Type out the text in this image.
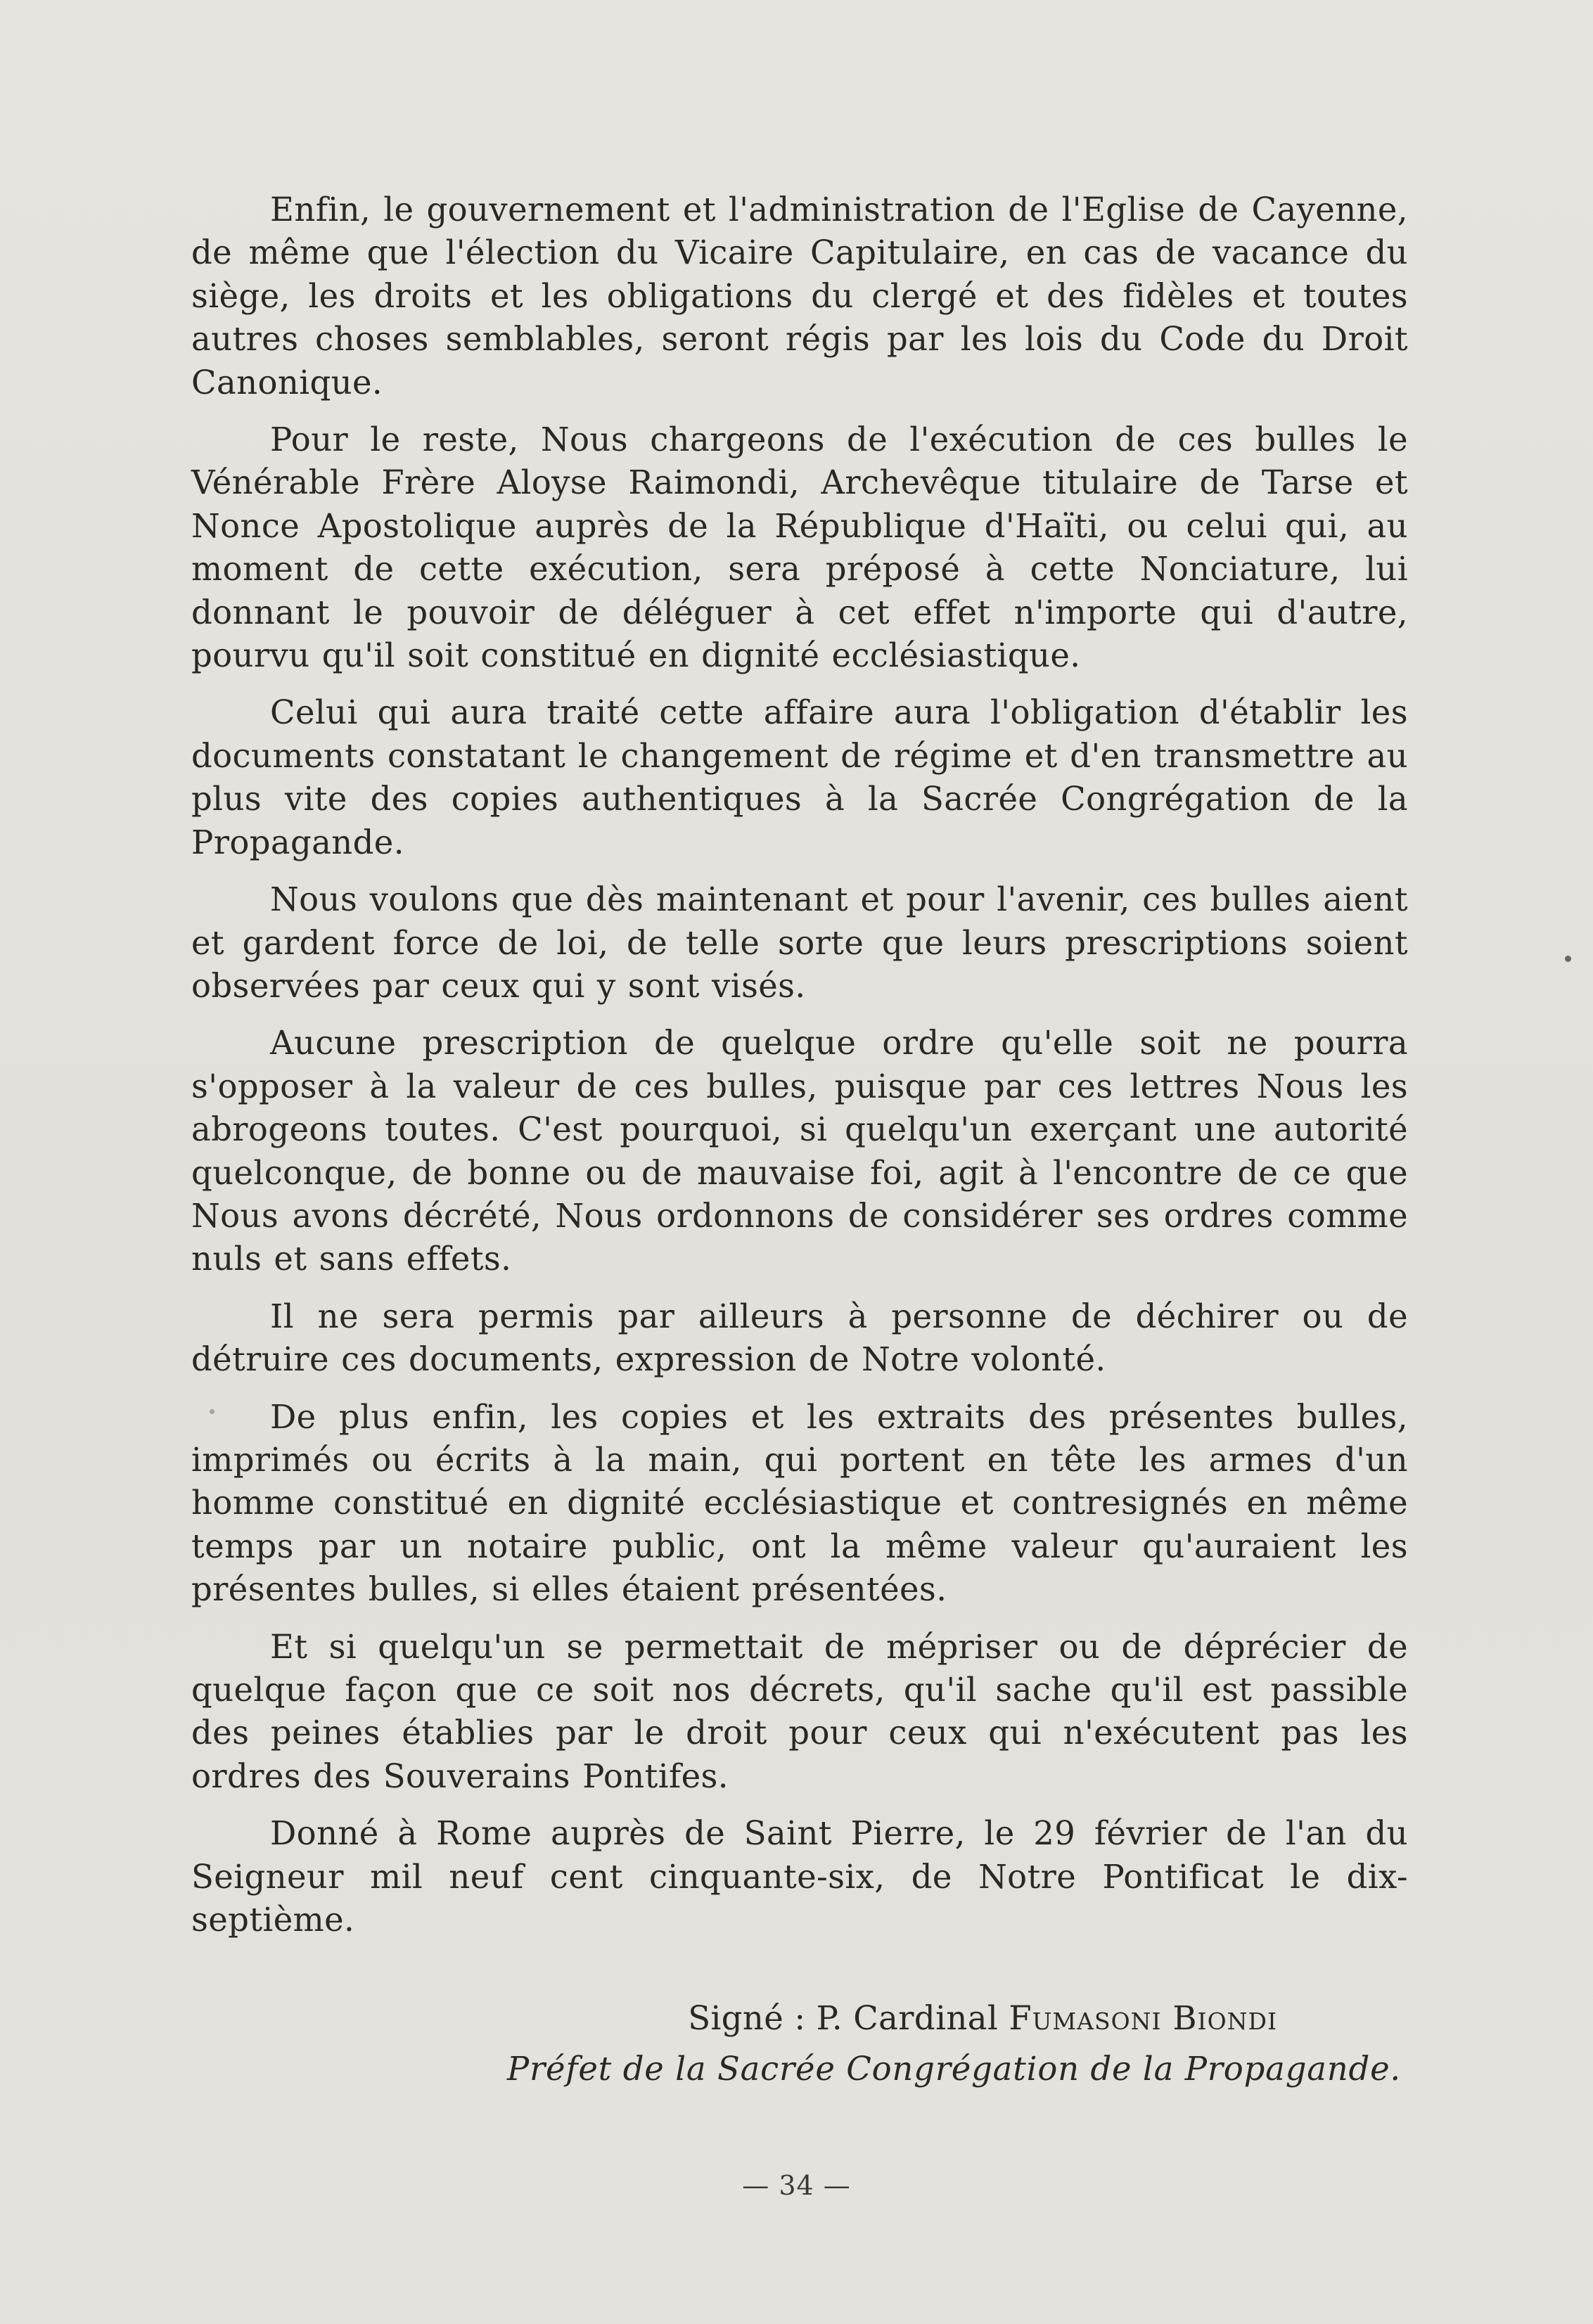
Enfin, le gouvernement et l'administration de l'Eglise de Cayenne, de même que l'élection du Vicaire Capitulaire, en cas de vacance du siège, les droits et les obligations du clergé et des fidèles et toutes autres choses semblables, seront régis par les lois du Code du Droit Canonique.

Pour le reste, Nous chargeons de l'exécution de ces bulles le Vénérable Frère Aloyse Raimondi, Archevêque titulaire de Tarse et Nonce Apostolique auprès de la République d'Haïti, ou celui qui, au moment de cette exécution, sera préposé à cette Nonciature, lui donnant le pouvoir de déléguer à cet effet n'importe qui d'autre, pourvu qu'il soit constitué en dignité ecclésiastique.

Celui qui aura traité cette affaire aura l'obligation d'établir les documents constatant le changement de régime et d'en transmettre au plus vite des copies authentiques à la Sacrée Congrégation de la Propagande.

Nous voulons que dès maintenant et pour l'avenir, ces bulles aient et gardent force de loi, de telle sorte que leurs prescriptions soient observées par ceux qui y sont visés.

Aucune prescription de quelque ordre qu'elle soit ne pourra s'opposer à la valeur de ces bulles, puisque par ces lettres Nous les abrogeons toutes. C'est pourquoi, si quelqu'un exerçant une autorité quelconque, de bonne ou de mauvaise foi, agit à l'encontre de ce que Nous avons décrété, Nous ordonnons de considérer ses ordres comme nuls et sans effets.

Il ne sera permis par ailleurs à personne de déchirer ou de détruire ces documents, expression de Notre volonté.

De plus enfin, les copies et les extraits des présentes bulles, imprimés ou écrits à la main, qui portent en tête les armes d'un homme constitué en dignité ecclésiastique et contresignés en même temps par un notaire public, ont la même valeur qu'auraient les présentes bulles, si elles étaient présentées.

Et si quelqu'un se permettait de mépriser ou de déprécier de quelque façon que ce soit nos décrets, qu'il sache qu'il est passible des peines établies par le droit pour ceux qui n'exécutent pas les ordres des Souverains Pontifes.

Donné à Rome auprès de Saint Pierre, le 29 février de l'an du Seigneur mil neuf cent cinquante-six, de Notre Pontificat le dix-septième.

Signé : P. Cardinal Fumasoni Biondi
Préfet de la Sacrée Congrégation de la Propagande.
— 34 —
